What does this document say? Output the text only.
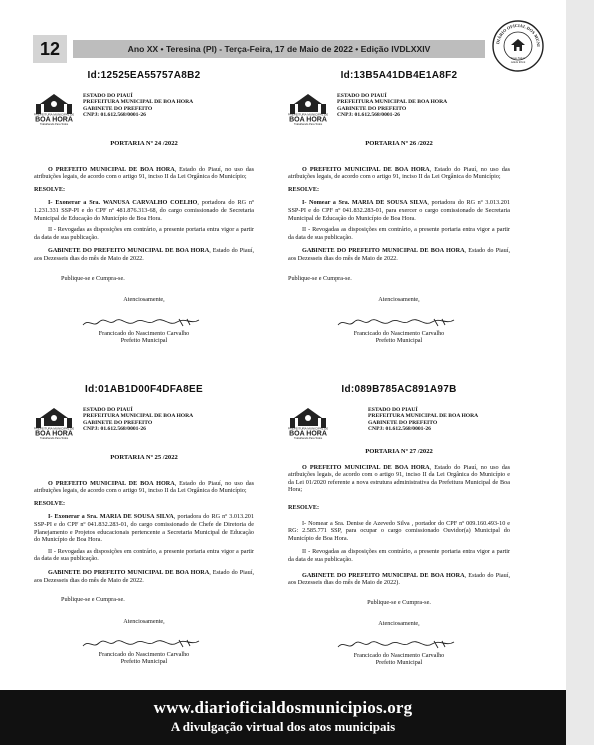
12	Ano XX • Teresina (PI) - Terça-Feira, 17 de Maio de 2022 • Edição IVDLXXIV
DIÁRIO OFICIAL DOS MUNI
Teste Nulott
Ainda Rival
Id:12525EA55757A8B2
PREFEITURA MUNICIPAL DE
BOA HORA
Trabalhando Para Todos
ESTADO DO PIAUÍ
PREFEITURA MUNICIPAL DE BOA HORA
GABINETE DO PREFEITO
CNPJ: 01.612.568/0001-26
PORTARIA Nº 24 /2022

O PREFEITO MUNICIPAL DE BOA HORA, Estado do Piauí, no uso das atribuições legais, de acordo com o artigo 91, inciso II da Lei Orgânica do Município;

RESOLVE:

I- Exonerar a Sra. WANUSA CARVALHO COELHO, portadora do RG nº 1.231.331 SSP-PI e do CPF nº 481.876.313-68, do cargo comissionado de Secretaria Municipal de Educação do Município de Boa Hora.

II - Revogadas as disposições em contrário, a presente portaria entra vigor a partir da data de sua publicação.

GABINETE DO PREFEITO MUNICIPAL DE BOA HORA, Estado do Piauí, aos Dezesseis dias do mês de Maio de 2022.

Publique-se e Cumpra-se.
Atenciosamente,
Francicado do Nascimento Carvalho
Prefeito Municipal
Id:13B5A41DB4E1A8F2
PREFEITURA MUNICIPAL DE
BOA HORA
Trabalhando Para Todos
ESTADO DO PIAUÍ
PREFEITURA MUNICIPAL DE BOA HORA
GABINETE DO PREFEITO
CNPJ: 01.612.568/0001-26
PORTARIA Nº 26 /2022

O PREFEITO MUNICIPAL DE BOA HORA, Estado do Piauí, no uso das atribuições legais, de acordo com o artigo 91, inciso II da Lei Orgânica do Município;

RESOLVE:

I- Nomear a Sra. MARIA DE SOUSA SILVA, portadora do RG nº 3.013.201 SSP-PI e do CPF nº 041.832.283-01, para exercer o cargo comissionado de Secretaria Municipal de Educação do Município de Boa Hora.

II - Revogadas as disposições em contrário, a presente portaria entra vigor a partir da data de sua publicação.

GABINETE DO PREFEITO MUNICIPAL DE BOA HORA, Estado do Piauí, aos Dezesseis dias do mês de Maio de 2022.

Publique-se e Cumpra-se.
Atenciosamente,
Francicado do Nascimento Carvalho
Prefeito Municipal
Id:01AB1D00F4DFA8EE
PREFEITURA MUNICIPAL DE
BOA HORA
Trabalhando Para Todos
ESTADO DO PIAUÍ
PREFEITURA MUNICIPAL DE BOA HORA
GABINETE DO PREFEITO
CNPJ: 01.612.568/0001-26
PORTARIA Nº 25 /2022

O PREFEITO MUNICIPAL DE BOA HORA, Estado do Piauí, no uso das atribuições legais, de acordo com o artigo 91, inciso II da Lei Orgânica do Município;

RESOLVE:

I- Exonerar a Sra. MARIA DE SOUSA SILVA, portadora do RG nº 3.013.201 SSP-PI e do CPF nº 041.832.283-01, do cargo comissionado de Chefe de Diretoria de Planejamento e Projetos educacionais pertencente a Secretaria Municipal de Educação do Município de Boa Hora.

II - Revogadas as disposições em contrário, a presente portaria entra vigor a partir da data de sua publicação.

GABINETE DO PREFEITO MUNICIPAL DE BOA HORA, Estado do Piauí, aos Dezesseis dias do mês de Maio de 2022.

Publique-se e Cumpra-se.
Atenciosamente,
Francicado do Nascimento Carvalho
Prefeito Municipal
Id:089B785AC891A97B
PREFEITURA MUNICIPAL DE
BOA HORA
Trabalhando Para Todos
ESTADO DO PIAUÍ
PREFEITURA MUNICIPAL DE BOA HORA
GABINETE DO PREFEITO
CNPJ: 01.612.568/0001-26
PORTARIA Nº 27 /2022

O PREFEITO MUNICIPAL DE BOA HORA, Estado do Piauí, no uso das atribuições legais, de acordo com o artigo 91, inciso II da Lei Orgânica do Município e da Lei 01/2020 referente a nova estrutura administrativa da Prefeitura Municipal de Boa Hora;

RESOLVE:

I- Nomear a Sra. Denise de Azevedo Silva , portador do CPF nº 009.160.493-10 e RG: 2.585.771 SSP, para ocupar o cargo comissionado Ouvidor(a) Municipal do Município de Boa Hora.

II - Revogadas as disposições em contrário, a presente portaria entra vigor a partir da data de sua publicação.

GABINETE DO PREFEITO MUNICIPAL DE BOA HORA, Estado do Piauí, aos Dezesseis dias do mês de Maio de 2022).

Publique-se e Cumpra-se.
Atenciosamente,
Francicado do Nascimento Carvalho
Prefeito Municipal
www.diarioficialdosmunicipios.org
A divulgação virtual dos atos municipais
